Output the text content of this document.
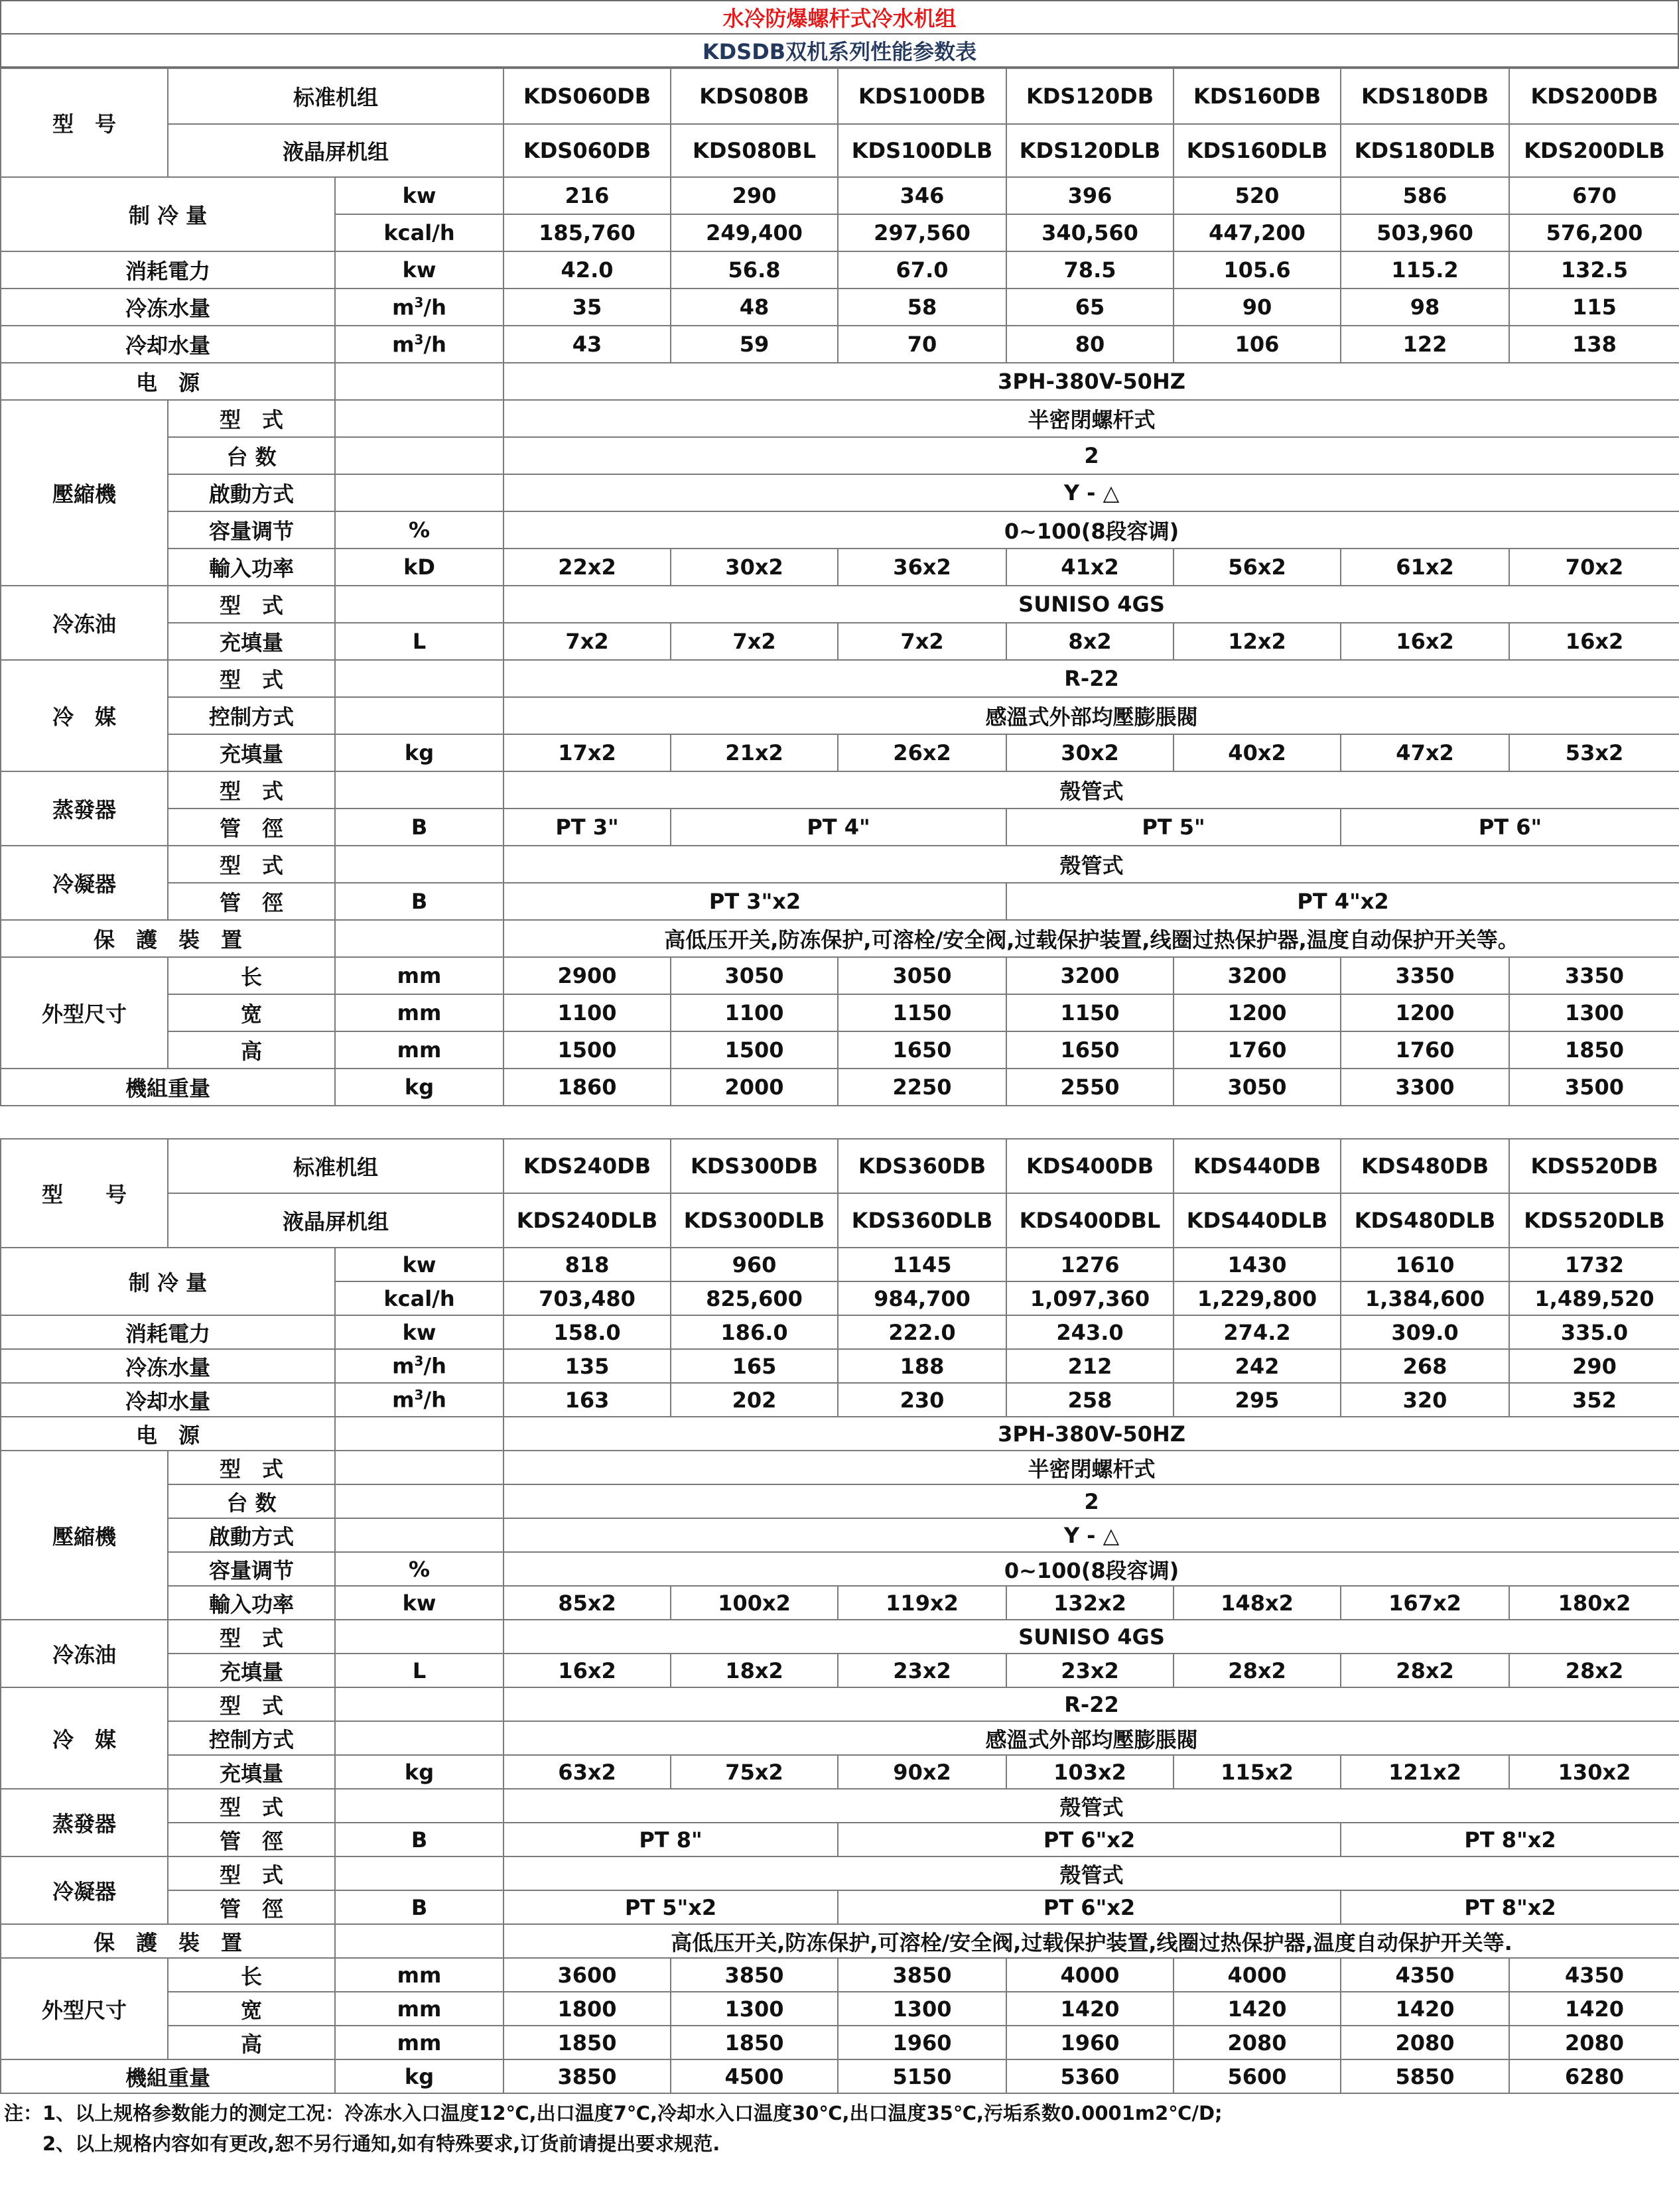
水冷防爆螺杆式冷水机组
KDSDB双机系列性能参数表
型　号	标准机组		KDS060DB	KDS080B	KDS100DB	KDS120DB	KDS160DB	KDS180DB	KDS200DB
	液晶屏机组		KDS060DB	KDS080BL	KDS100DLB	KDS120DLB	KDS160DLB	KDS180DLB	KDS200DLB
制 冷 量		kw	216	290	346	396	520	586	670
		kcal/h	185,760	249,400	297,560	340,560	447,200	503,960	576,200
消耗電力		kw	42.0	56.8	67.0	78.5	105.6	115.2	132.5
冷冻水量		$m^3/h$	35	48	58	65	90	98	115
冷却水量		$m^3/h$	43	59	70	80	106	122	138
电　源			3PH-380V-50HZ						
壓縮機	型　式		半密閉螺杆式						
	台 数		2						
	啟動方式		Y - △						
	容量调节	%	0~100(8段容调)						
	輸入功率	kD	22x2	30x2	36x2	41x2	56x2	61x2	70x2
冷冻油	型　式		SUNISO 4GS						
	充填量	L	7x2	7x2	7x2	8x2	12x2	16x2	16x2
冷　媒	型　式		R-22						
	控制方式		感溫式外部均壓膨脹閥						
	充填量	kg	17x2	21x2	26x2	30x2	40x2	47x2	53x2
蒸發器	型　式		殼管式						
	管　徑	B	PT 3"	PT 4"		PT 5"		PT 6"	
冷凝器	型　式		殼管式						
	管　徑	B	PT 3"x2			PT 4"x2			
保　護　裝　置			高低压开关,防冻保护,可溶栓/安全阀,过载保护装置,线圈过热保护器,温度自动保护开关等。						
外型尺寸	长	mm	2900	3050	3050	3200	3200	3350	3350
	宽	mm	1100	1100	1150	1150	1200	1200	1300
	高	mm	1500	1500	1650	1650	1760	1760	1850
機組重量		kg	1860	2000	2250	2550	3050	3300	3500
型　　号	标准机组		KDS240DB	KDS300DB	KDS360DB	KDS400DB	KDS440DB	KDS480DB	KDS520DB
	液晶屏机组		KDS240DLB	KDS300DLB	KDS360DLB	KDS400DBL	KDS440DLB	KDS480DLB	KDS520DLB
制 冷 量		kw	818	960	1145	1276	1430	1610	1732
		kcal/h	703,480	825,600	984,700	1,097,360	1,229,800	1,384,600	1,489,520
消耗電力		kw	158.0	186.0	222.0	243.0	274.2	309.0	335.0
冷冻水量		$m^3/h$	135	165	188	212	242	268	290
冷却水量		$m^3/h$	163	202	230	258	295	320	352
电　源			3PH-380V-50HZ						
壓縮機	型　式		半密閉螺杆式						
	台 数		2						
	啟動方式		Y - △						
	容量调节	%	0~100(8段容调)						
	輸入功率	kw	85x2	100x2	119x2	132x2	148x2	167x2	180x2
冷冻油	型　式		SUNISO 4GS						
	充填量	L	16x2	18x2	23x2	23x2	28x2	28x2	28x2
冷　媒	型　式		R-22						
	控制方式		感溫式外部均壓膨脹閥						
	充填量	kg	63x2	75x2	90x2	103x2	115x2	121x2	130x2
蒸發器	型　式		殼管式						
	管　徑	B	PT 8"		PT 6"x2			PT 8"x2	
冷凝器	型　式		殼管式						
	管　徑	B	PT 5"x2		PT 6"x2			PT 8"x2	
保　護　裝　置			高低压开关,防冻保护,可溶栓/安全阀,过载保护装置,线圈过热保护器,温度自动保护开关等.						
外型尺寸	长	mm	3600	3850	3850	4000	4000	4350	4350
	宽	mm	1800	1300	1300	1420	1420	1420	1420
	高	mm	1850	1850	1960	1960	2080	2080	2080
機組重量		kg	3850	4500	5150	5360	5600	5850	6280
注：1、以上规格参数能力的测定工况：冷冻水入口温度12℃,出口温度7℃,冷却水入口温度30℃,出口温度35℃,污垢系数0.0001m2℃/D;
　　2、以上规格内容如有更改,恕不另行通知,如有特殊要求,订货前请提出要求规范.
